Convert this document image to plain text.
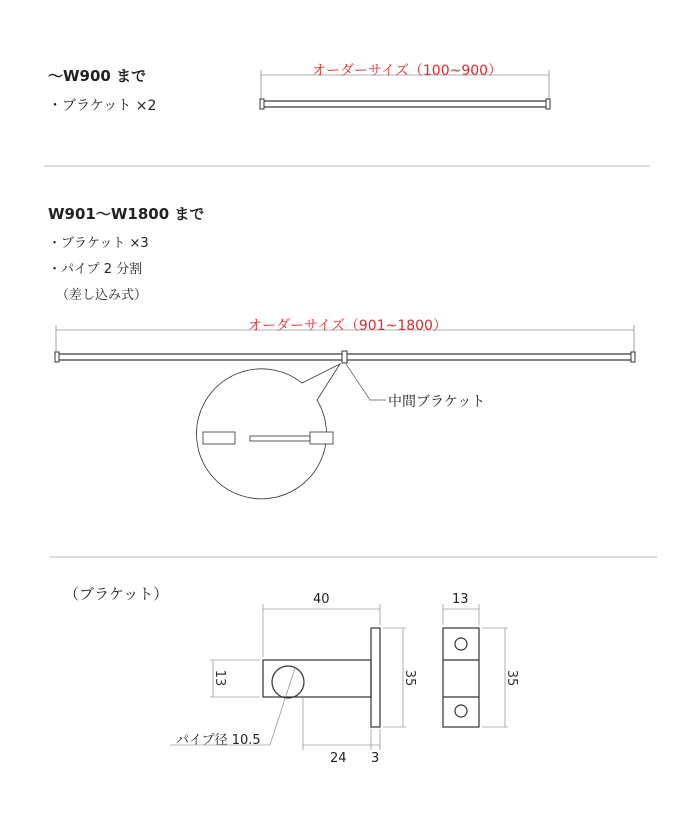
13	35	35
〜W900 まで
・ブラケット ×2
オーダーサイズ（100~900）
W901〜W1800 まで
・ブラケット ×3
・パイプ 2 分割
（差し込み式）
オーダーサイズ（901~1800）
中間ブラケット
（ブラケット）	40	13
24 3
パイプ径 10.5
